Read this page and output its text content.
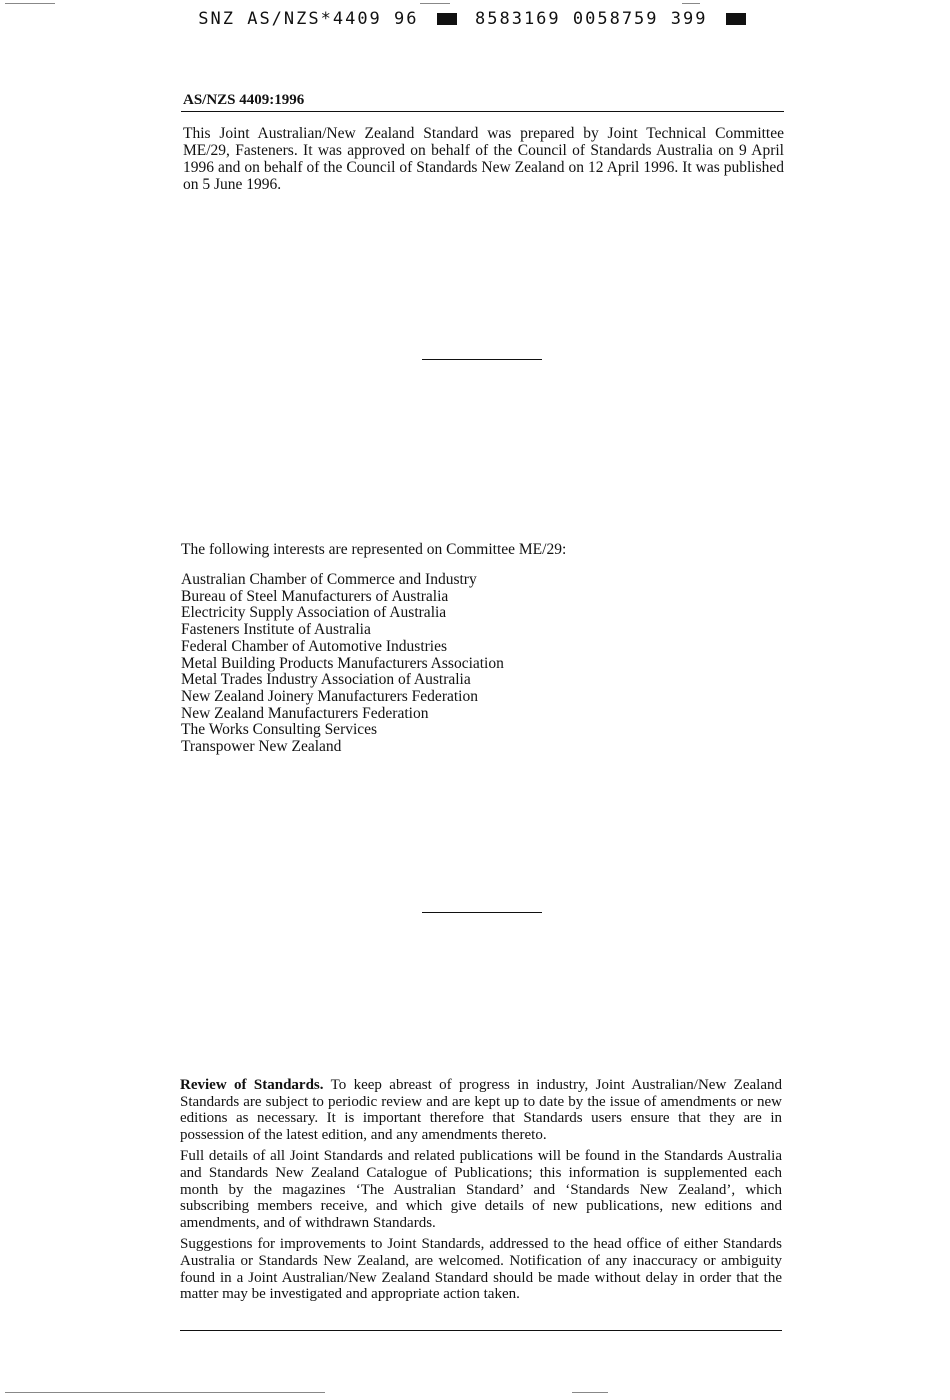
SNZ AS/NZS*4409 96	8583169 0058759 399
AS/NZS 4409:1996
This Joint Australian/New Zealand Standard was prepared by Joint Technical Committee ME/29, Fasteners. It was approved on behalf of the Council of Standards Australia on 9 April 1996 and on behalf of the Council of Standards New Zealand on 12 April 1996. It was published on 5 June 1996.
The following interests are represented on Committee ME/29:
Australian Chamber of Commerce and Industry
Bureau of Steel Manufacturers of Australia
Electricity Supply Association of Australia
Fasteners Institute of Australia
Federal Chamber of Automotive Industries
Metal Building Products Manufacturers Association
Metal Trades Industry Association of Australia
New Zealand Joinery Manufacturers Federation
New Zealand Manufacturers Federation
The Works Consulting Services
Transpower New Zealand

Review of Standards. To keep abreast of progress in industry, Joint Australian/New Zealand Standards are subject to periodic review and are kept up to date by the issue of amendments or new editions as necessary. It is important therefore that Standards users ensure that they are in possession of the latest edition, and any amendments thereto.

Full details of all Joint Standards and related publications will be found in the Standards Australia and Standards New Zealand Catalogue of Publications; this information is supplemented each month by the magazines ‘The Australian Standard’ and ‘Standards New Zealand’, which subscribing members receive, and which give details of new publications, new editions and amendments, and of withdrawn Standards.

Suggestions for improvements to Joint Standards, addressed to the head office of either Standards Australia or Standards New Zealand, are welcomed. Notification of any inaccuracy or ambiguity found in a Joint Australian/New Zealand Standard should be made without delay in order that the matter may be investigated and appropriate action taken.
